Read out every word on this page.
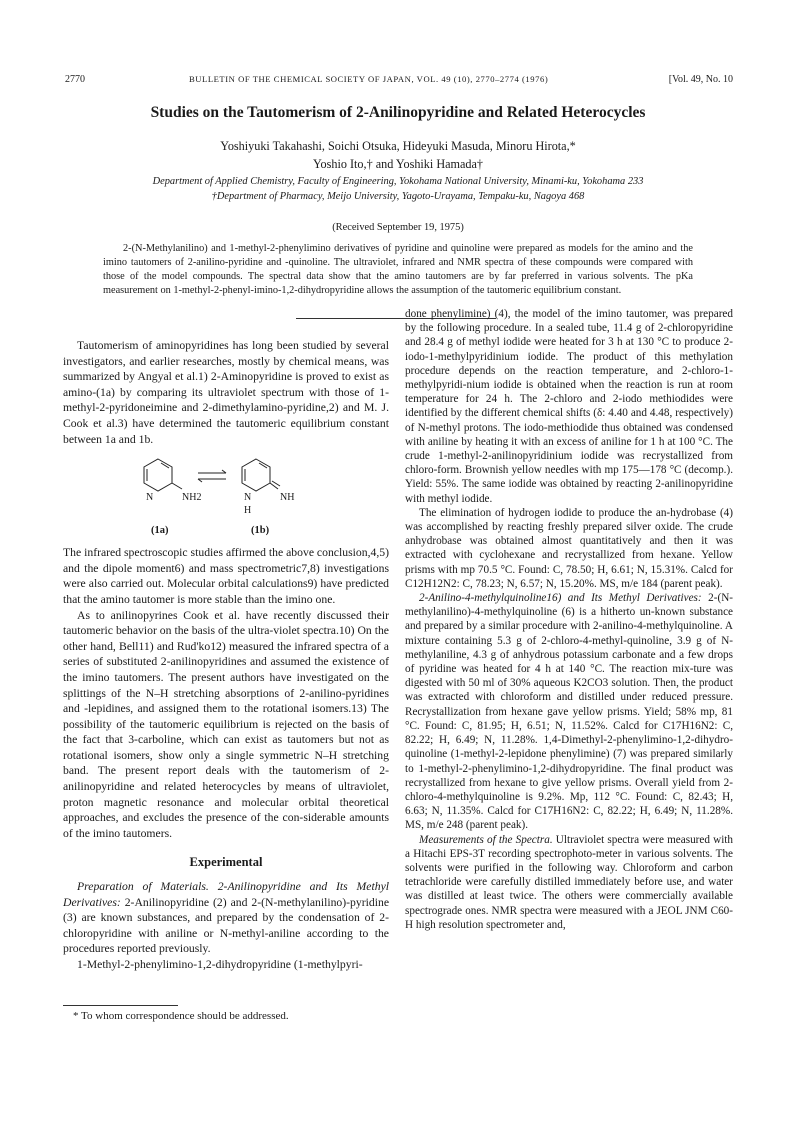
2770	BULLETIN OF THE CHEMICAL SOCIETY OF JAPAN, VOL. 49 (10), 2770–2774 (1976)	[Vol. 49, No. 10
Studies on the Tautomerism of 2-Anilinopyridine and Related Heterocycles
Yoshiyuki Takahashi, Soichi Otsuka, Hideyuki Masuda, Minoru Hirota,*
Yoshio Ito,† and Yoshiki Hamada†
Department of Applied Chemistry, Faculty of Engineering, Yokohama National University, Minami-ku, Yokohama 233
†Department of Pharmacy, Meijo University, Yagoto-Urayama, Tempaku-ku, Nagoya 468
(Received September 19, 1975)
2-(N-Methylanilino) and 1-methyl-2-phenylimino derivatives of pyridine and quinoline were prepared as models for the amino and the imino tautomers of 2-anilino-pyridine and -quinoline. The ultraviolet, infrared and NMR spectra of these compounds were compared with those of the model compounds. The spectral data show that the amino tautomers are by far preferred in various solvents. The pKa measurement on 1-methyl-2-phenyl-imino-1,2-dihydropyridine allows the assumption of the tautomeric equilibrium constant.

Tautomerism of aminopyridines has long been studied by several investigators, and earlier researches, mostly by chemical means, was summarized by Angyal et al.1) 2-Aminopyridine is proved to exist as amino-(1a) by comparing its ultraviolet spectrum with those of 1-methyl-2-pyridoneimine and 2-dimethylamino-pyridine,2) and M. J. Cook et al.3) have determined the tautomeric equilibrium constant between 1a and 1b.

N	NH2	N	NH
H
(1a)	(1b)

The infrared spectroscopic studies affirmed the above conclusion,4,5) and the dipole moment6) and mass spectrometric7,8) investigations were also carried out. Molecular orbital calculations9) have predicted that the amino tautomer is more stable than the imino one.

As to anilinopyrines Cook et al. have recently discussed their tautomeric behavior on the basis of the ultra-violet spectra.10) On the other hand, Bell11) and Rud'ko12) measured the infrared spectra of a series of substituted 2-anilinopyridines and assumed the existence of the imino tautomers. The present authors have investigated on the splittings of the N–H stretching absorptions of 2-anilino-pyridines and -lepidines, and assigned them to the rotational isomers.13) The possibility of the tautomeric equilibrium is rejected on the basis of the fact that 3-carboline, which can exist as tautomers but not as rotational isomers, show only a single symmetric N–H stretching band. The present report deals with the tautomerism of 2-anilinopyridine and related heterocycles by means of ultraviolet, proton magnetic resonance and molecular orbital theoretical approaches, and excludes the presence of the con-siderable amounts of the imino tautomers.

Experimental

Preparation of Materials. 2-Anilinopyridine and Its Methyl Derivatives: 2-Anilinopyridine (2) and 2-(N-methylanilino)-pyridine (3) are known substances, and prepared by the condensation of 2-chloropyridine with aniline or N-methyl-aniline according to the procedures reported previously.

1-Methyl-2-phenylimino-1,2-dihydropyridine (1-methylpyri-

done phenylimine) (4), the model of the imino tautomer, was prepared by the following procedure. In a sealed tube, 11.4 g of 2-chloropyridine and 28.4 g of methyl iodide were heated for 3 h at 130 °C to produce 2-iodo-1-methylpyridinium iodide. The product of this methylation procedure depends on the reaction temperature, and 2-chloro-1-methylpyridi-nium iodide is obtained when the reaction is run at room temperature for 24 h. The 2-chloro and 2-iodo methiodides were identified by the different chemical shifts (δ: 4.40 and 4.48, respectively) of N-methyl protons. The iodo-methiodide thus obtained was condensed with aniline by heating it with an excess of aniline for 1 h at 100 °C. The crude 1-methyl-2-anilinopyridinium iodide was recrystallized from chloro-form. Brownish yellow needles with mp 175—178 °C (decomp.). Yield: 55%. The same iodide was obtained by reacting 2-anilinopyridine with methyl iodide.

The elimination of hydrogen iodide to produce the an-hydrobase (4) was accomplished by reacting freshly prepared silver oxide. The crude anhydrobase was obtained almost quantitatively and then it was extracted with cyclohexane and recrystallized from hexane. Yellow prisms with mp 70.5 °C. Found: C, 78.50; H, 6.61; N, 15.31%. Calcd for C12H12N2: C, 78.23; N, 6.57; N, 15.20%. MS, m/e 184 (parent peak).

2-Anilino-4-methylquinoline16) and Its Methyl Derivatives: 2-(N-methylanilino)-4-methylquinoline (6) is a hitherto un-known substance and prepared by a similar procedure with 2-anilino-4-methylquinoline. A mixture containing 5.3 g of 2-chloro-4-methyl-quinoline, 3.9 g of N-methylaniline, 4.3 g of anhydrous potassium carbonate and a few drops of pyridine was heated for 4 h at 140 °C. The reaction mix-ture was digested with 50 ml of 30% aqueous K2CO3 solution. Then, the product was extracted with chloroform and distilled under reduced pressure. Recrystallization from hexane gave yellow prisms. Yield; 58% mp, 81 °C. Found: C, 81.95; H, 6.51; N, 11.52%. Calcd for C17H16N2: C, 82.22; H, 6.49; N, 11.28%. 1,4-Dimethyl-2-phenylimino-1,2-dihydro-quinoline (1-methyl-2-lepidone phenylimine) (7) was prepared similarly to 1-methyl-2-phenylimino-1,2-dihydropyridine. The final product was recrystallized from hexane to give yellow prisms. Overall yield from 2-chloro-4-methylquinoline is 9.2%. Mp, 112 °C. Found: C, 82.43; H, 6.63; N, 11.35%. Calcd for C17H16N2: C, 82.22; H, 6.49; N, 11.28%. MS, m/e 248 (parent peak).

Measurements of the Spectra. Ultraviolet spectra were measured with a Hitachi EPS-3T recording spectrophoto-meter in various solvents. The solvents were purified in the following way. Chloroform and carbon tetrachloride were carefully distilled immediately before use, and water was distilled at least twice. The others were commercially available spectrograde ones. NMR spectra were measured with a JEOL JNM C60-H high resolution spectrometer and,

* To whom correspondence should be addressed.
